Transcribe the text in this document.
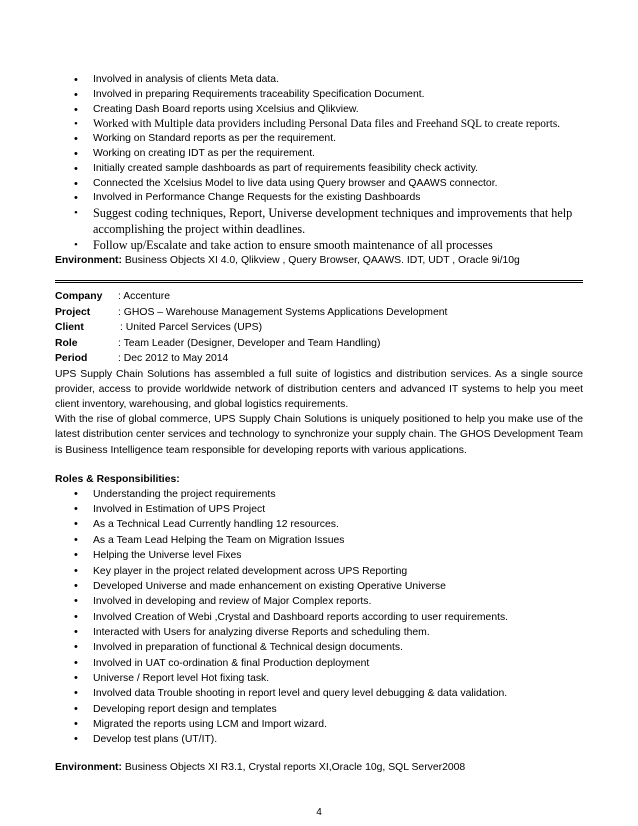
• Involved in analysis of clients Meta data.
• Involved in preparing Requirements traceability Specification Document.
• Creating Dash Board reports using Xcelsius and Qlikview.
• Worked with Multiple data providers including Personal Data files and Freehand SQL to create reports.
• Working on Standard reports as per the requirement.
• Working on creating IDT as per the requirement.
• Initially created sample dashboards as part of requirements feasibility check activity.
• Connected the Xcelsius Model to live data using Query browser and QAAWS connector.
• Involved in Performance Change Requests for the existing Dashboards
• Suggest coding techniques, Report, Universe development techniques and improvements that help accomplishing the project within deadlines.
• Follow up/Escalate and take action to ensure smooth maintenance of all processes
Environment: Business Objects XI 4.0, Qlikview , Query Browser, QAAWS. IDT, UDT , Oracle 9i/10g
Company : Accenture
Project	: GHOS – Warehouse Management Systems Applications Development
Client	: United Parcel Services (UPS)
Role	: Team Leader (Designer, Developer and Team Handling)
Period	: Dec 2012 to May 2014
UPS Supply Chain Solutions has assembled a full suite of logistics and distribution services. As a single source provider, access to provide worldwide network of distribution centers and advanced IT systems to help you meet client inventory, warehousing, and global logistics requirements.
With the rise of global commerce, UPS Supply Chain Solutions is uniquely positioned to help you make use of the latest distribution center services and technology to synchronize your supply chain. The GHOS Development Team is Business Intelligence team responsible for developing reports with various applications.
Roles & Responsibilities:
• Understanding the project requirements
• Involved in Estimation of UPS Project
• As a Technical Lead Currently handling 12 resources.
• As a Team Lead Helping the Team on Migration Issues
• Helping the Universe level Fixes
• Key player in the project related development across UPS Reporting
• Developed Universe and made enhancement on existing Operative Universe
• Involved in developing and review of Major Complex reports.
• Involved Creation of Webi ,Crystal and Dashboard reports according to user requirements.
• Interacted with Users for analyzing diverse Reports and scheduling them.
• Involved in preparation of functional & Technical design documents.
• Involved in UAT co-ordination & final Production deployment
• Universe / Report level Hot fixing task.
• Involved data Trouble shooting in report level and query level debugging & data validation.
• Developing report design and templates
• Migrated the reports using LCM and Import wizard.
• Develop test plans (UT/IT).
Environment: Business Objects XI R3.1, Crystal reports XI,Oracle 10g, SQL Server2008
4
